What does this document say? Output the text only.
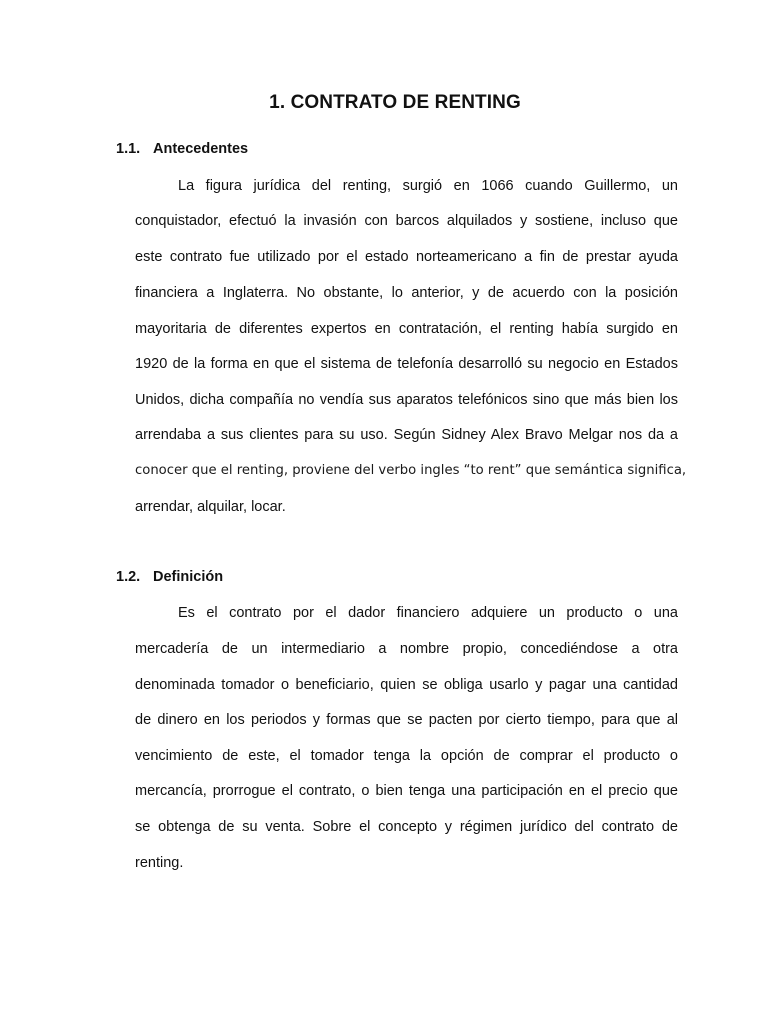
1. CONTRATO DE RENTING
1.1. Antecedentes
La figura jurídica del renting, surgió en 1066 cuando Guillermo, un
conquistador, efectuó la invasión con barcos alquilados y sostiene, incluso que
este contrato fue utilizado por el estado norteamericano a fin de prestar ayuda
financiera a Inglaterra. No obstante, lo anterior, y de acuerdo con la posición
mayoritaria de diferentes expertos en contratación, el renting había surgido en
1920 de la forma en que el sistema de telefonía desarrolló su negocio en Estados
Unidos, dicha compañía no vendía sus aparatos telefónicos sino que más bien los
arrendaba a sus clientes para su uso. Según Sidney Alex Bravo Melgar nos da a
conocer que el renting, proviene del verbo ingles “to rent” que semántica significa,
arrendar, alquilar, locar.
1.2. Definición
Es el contrato por el dador financiero adquiere un producto o una
mercadería de un intermediario a nombre propio, concediéndose a otra
denominada tomador o beneficiario, quien se obliga usarlo y pagar una cantidad
de dinero en los periodos y formas que se pacten por cierto tiempo, para que al
vencimiento de este, el tomador tenga la opción de comprar el producto o
mercancía, prorrogue el contrato, o bien tenga una participación en el precio que
se obtenga de su venta. Sobre el concepto y régimen jurídico del contrato de
renting.
